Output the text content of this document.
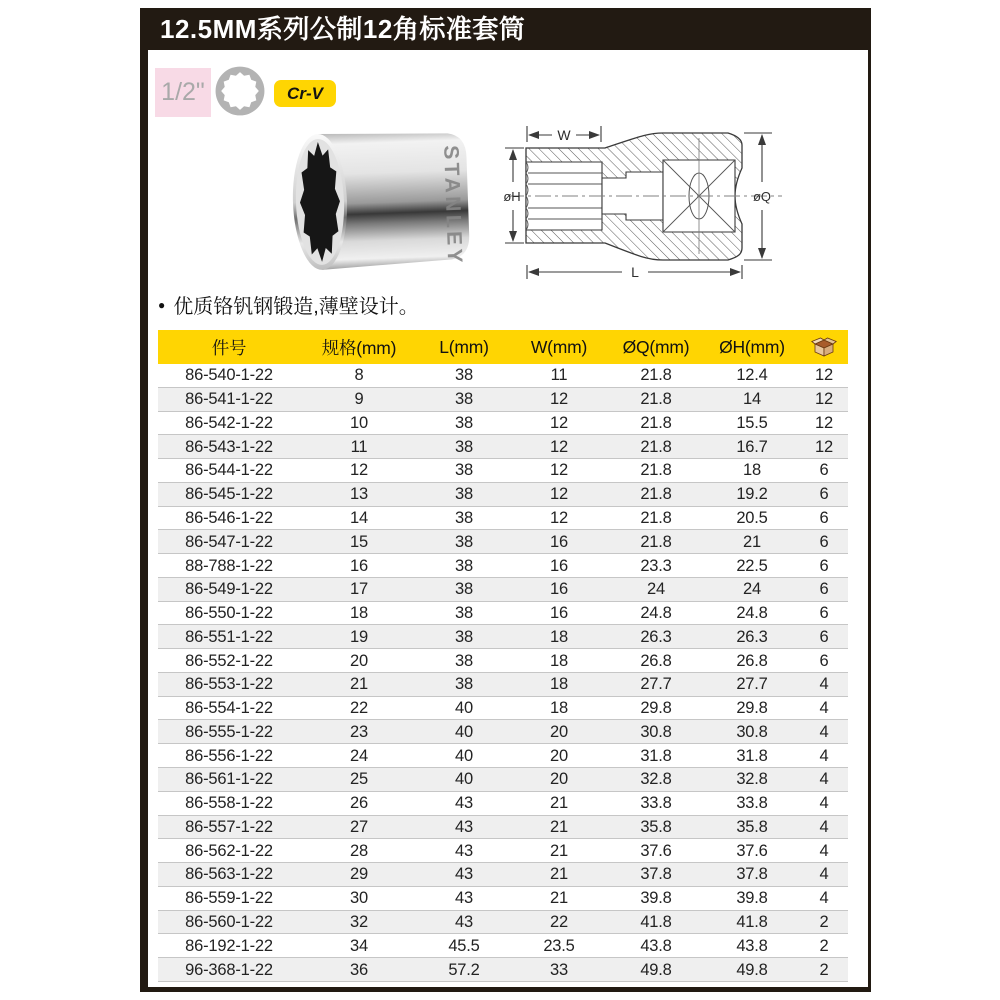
12.5MM系列公制12角标准套筒
1/2"	Cr-V
STANLEY
W
øH	øQ
L
● 优质铬钒钢锻造,薄壁设计。
件号	规格(mm)	L(mm)	W(mm)	ØQ(mm)	ØH(mm)
86-540-1-22	8	38	11	21.8	12.4	12
86-541-1-22	9	38	12	21.8	14	12
86-542-1-22	10	38	12	21.8	15.5	12
86-543-1-22	11	38	12	21.8	16.7	12
86-544-1-22	12	38	12	21.8	18	6
86-545-1-22	13	38	12	21.8	19.2	6
86-546-1-22	14	38	12	21.8	20.5	6
86-547-1-22	15	38	16	21.8	21	6
88-788-1-22	16	38	16	23.3	22.5	6
86-549-1-22	17	38	16	24	24	6
86-550-1-22	18	38	16	24.8	24.8	6
86-551-1-22	19	38	18	26.3	26.3	6
86-552-1-22	20	38	18	26.8	26.8	6
86-553-1-22	21	38	18	27.7	27.7	4
86-554-1-22	22	40	18	29.8	29.8	4
86-555-1-22	23	40	20	30.8	30.8	4
86-556-1-22	24	40	20	31.8	31.8	4
86-561-1-22	25	40	20	32.8	32.8	4
86-558-1-22	26	43	21	33.8	33.8	4
86-557-1-22	27	43	21	35.8	35.8	4
86-562-1-22	28	43	21	37.6	37.6	4
86-563-1-22	29	43	21	37.8	37.8	4
86-559-1-22	30	43	21	39.8	39.8	4
86-560-1-22	32	43	22	41.8	41.8	2
86-192-1-22	34	45.5	23.5	43.8	43.8	2
96-368-1-22	36	57.2	33	49.8	49.8	2
